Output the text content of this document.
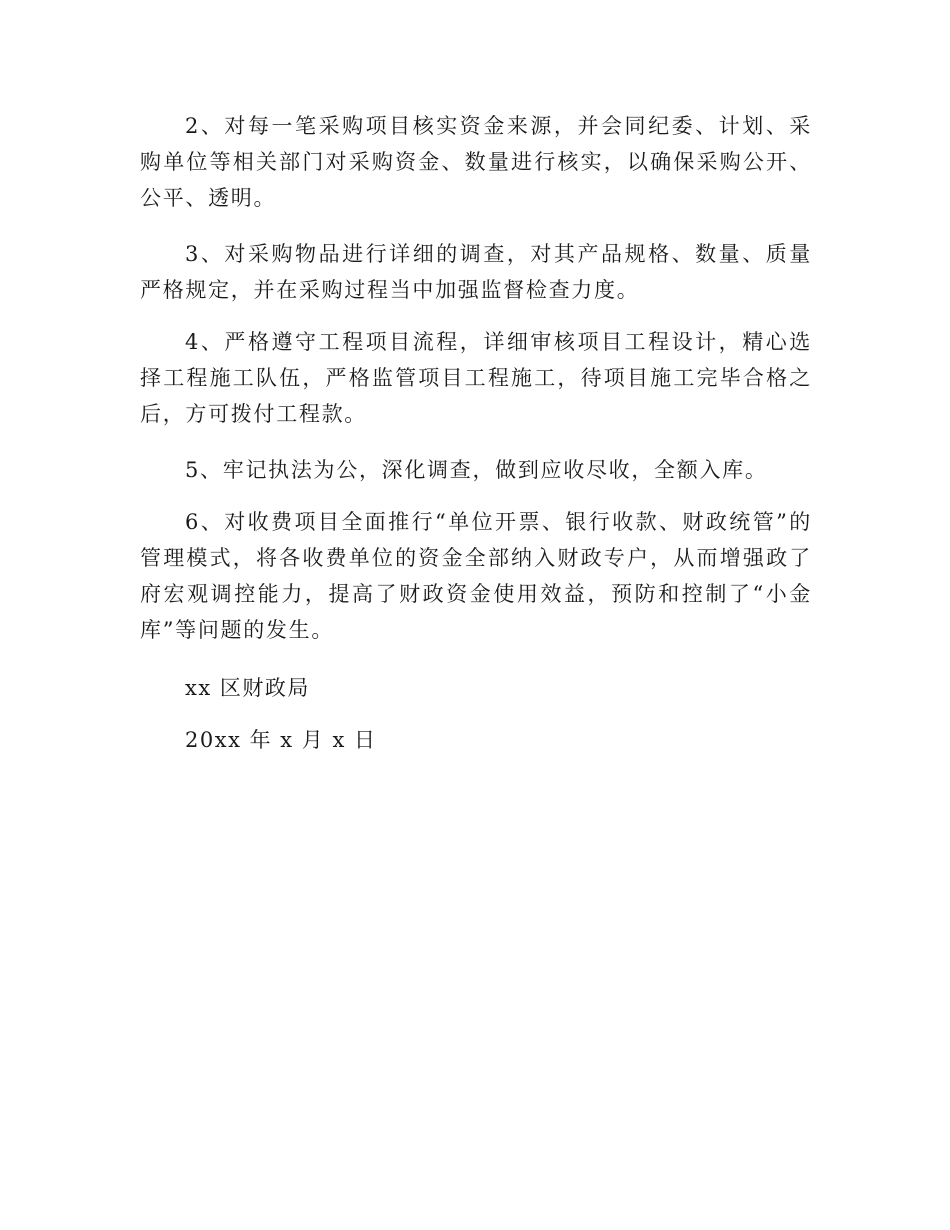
2、对每一笔采购项目核实资金来源，并会同纪委、计划、采购单位等相关部门对采购资金、数量进行核实，以确保采购公开、公平、透明。

3、对采购物品进行详细的调查，对其产品规格、数量、质量严格规定，并在采购过程当中加强监督检查力度。

4、严格遵守工程项目流程，详细审核项目工程设计，精心选择工程施工队伍，严格监管项目工程施工，待项目施工完毕合格之后，方可拨付工程款。

5、牢记执法为公，深化调查，做到应收尽收，全额入库。

6、对收费项目全面推行“单位开票、银行收款、财政统管”的管理模式，将各收费单位的资金全部纳入财政专户，从而增强政了府宏观调控能力，提高了财政资金使用效益，预防和控制了“小金库”等问题的发生。

xx 区财政局

20xx 年 x 月 x 日
